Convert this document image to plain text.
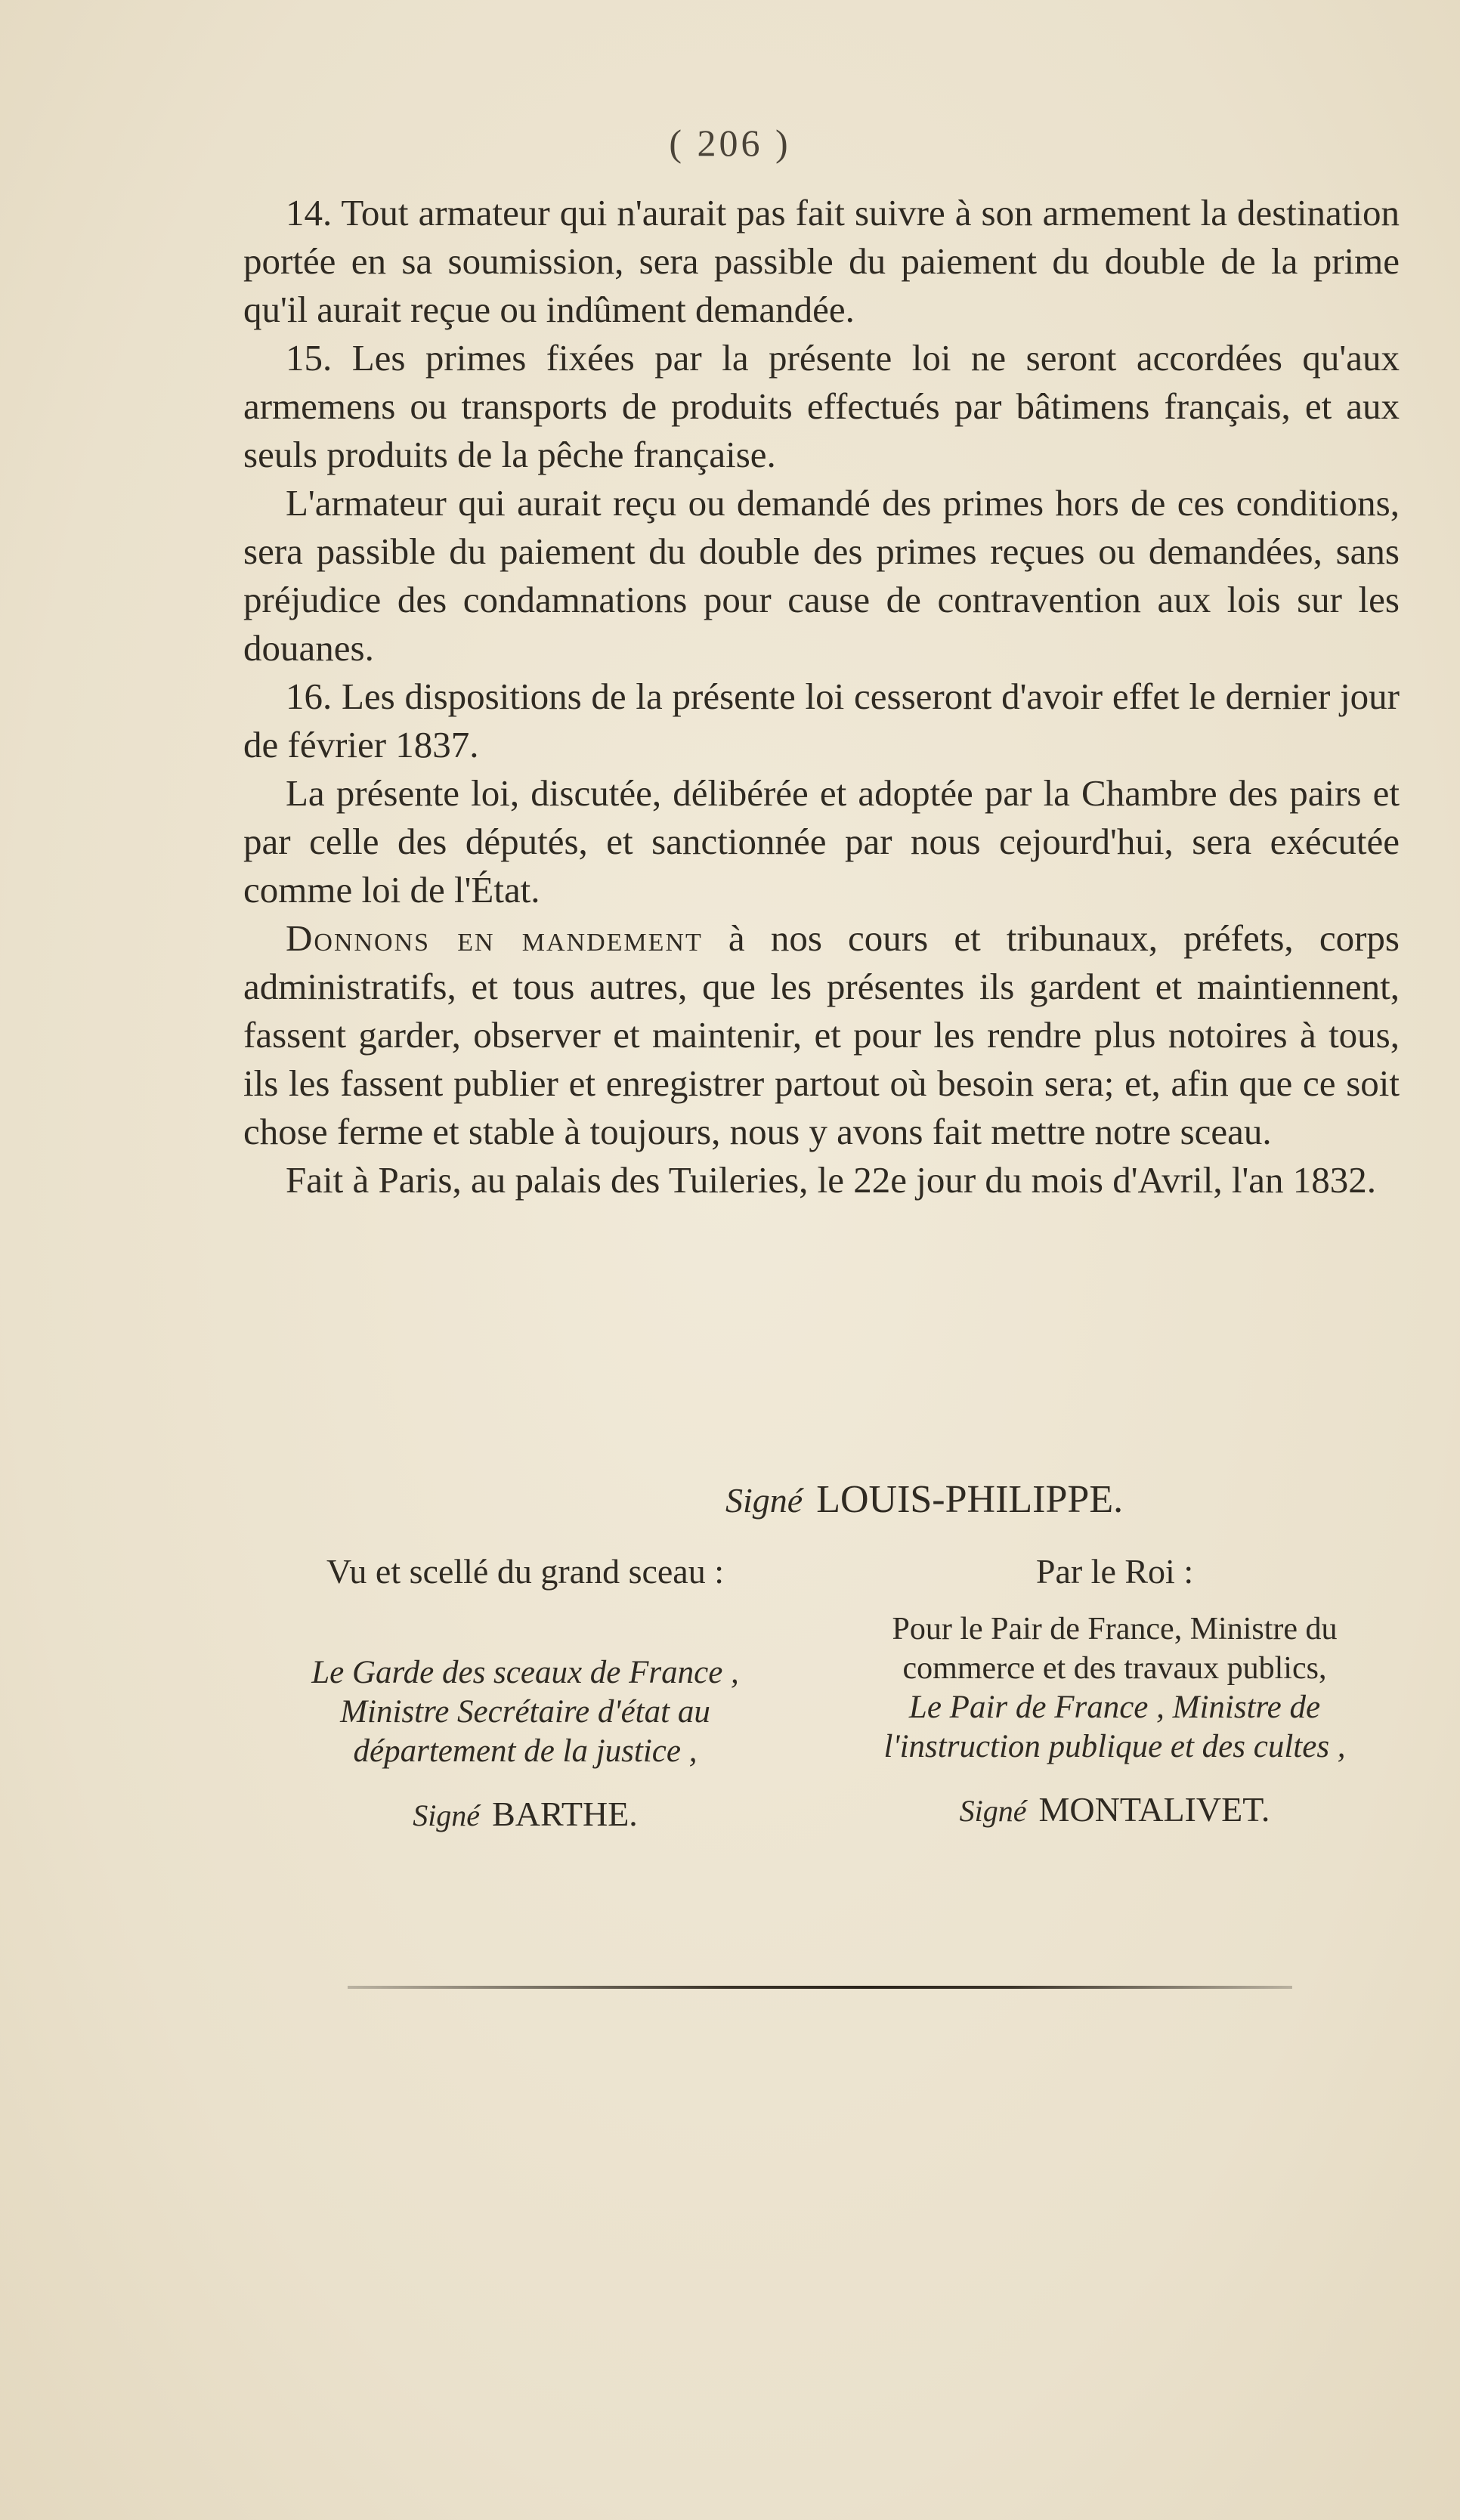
( 206 )

14. Tout armateur qui n'aurait pas fait suivre à son armement la destination portée en sa soumission, sera passible du paiement du double de la prime qu'il aurait reçue ou indûment demandée.

15. Les primes fixées par la présente loi ne seront accordées qu'aux armemens ou transports de produits effectués par bâtimens français, et aux seuls produits de la pêche française.

L'armateur qui aurait reçu ou demandé des primes hors de ces conditions, sera passible du paiement du double des primes reçues ou demandées, sans préjudice des condamnations pour cause de contravention aux lois sur les douanes.

16. Les dispositions de la présente loi cesseront d'avoir effet le dernier jour de février 1837.

La présente loi, discutée, délibérée et adoptée par la Chambre des pairs et par celle des députés, et sanctionnée par nous cejourd'hui, sera exécutée comme loi de l'État.

Donnons en mandement à nos cours et tribunaux, préfets, corps administratifs, et tous autres, que les présentes ils gardent et maintiennent, fassent garder, observer et maintenir, et pour les rendre plus notoires à tous, ils les fassent publier et enregistrer partout où besoin sera; et, afin que ce soit chose ferme et stable à toujours, nous y avons fait mettre notre sceau.

Fait à Paris, au palais des Tuileries, le 22e jour du mois d'Avril, l'an 1832.

Signé LOUIS-PHILIPPE.
Vu et scellé du grand sceau :
Le Garde des sceaux de France ,
Ministre Secrétaire d'état au
département de la justice ,
Signé BARTHE.
Par le Roi :
Pour le Pair de France, Ministre du
commerce et des travaux publics,
Le Pair de France , Ministre de
l'instruction publique et des cultes ,
Signé MONTALIVET.
